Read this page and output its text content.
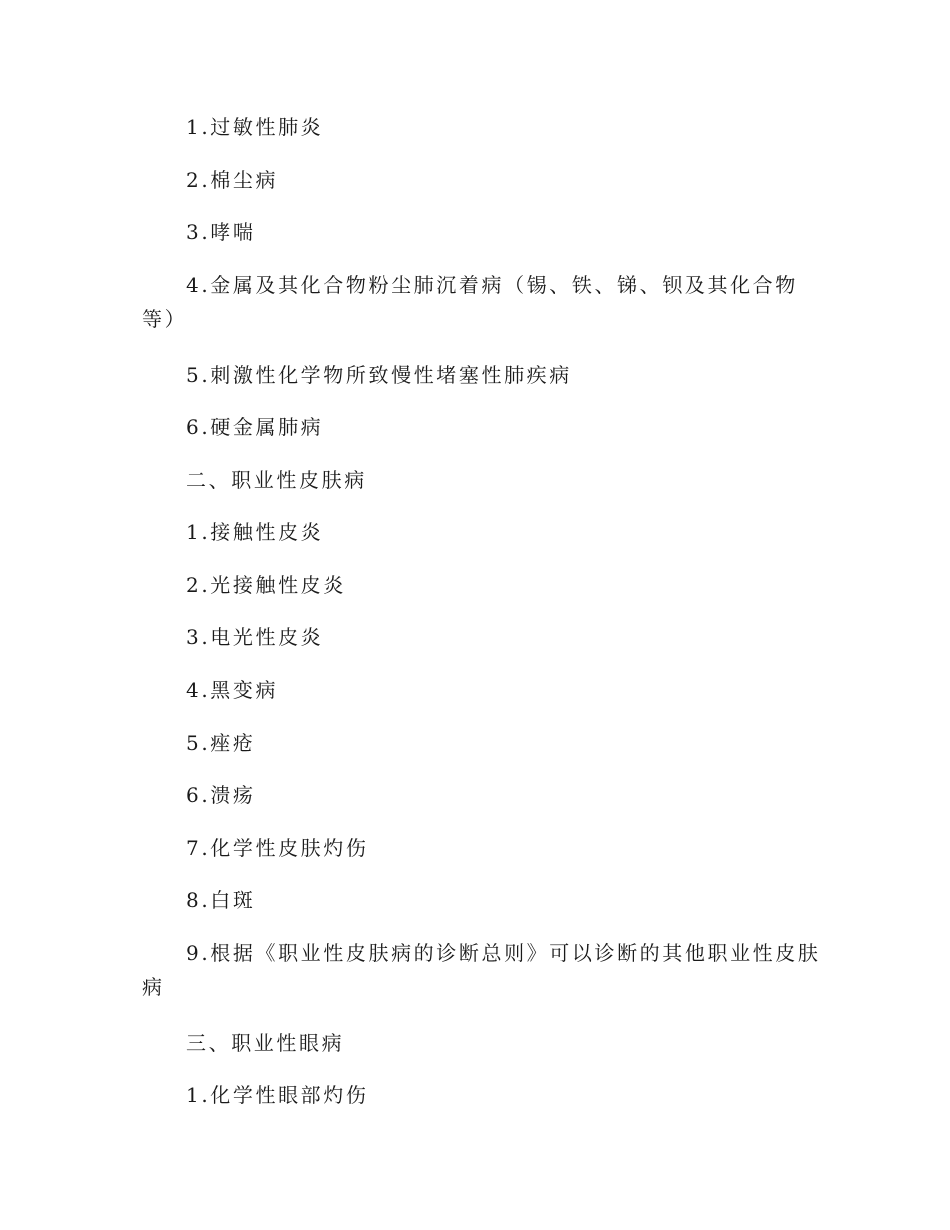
1.过敏性肺炎
2.棉尘病
3.哮喘
4.金属及其化合物粉尘肺沉着病（锡、铁、锑、钡及其化合物等）
5.刺激性化学物所致慢性堵塞性肺疾病
6.硬金属肺病
二、职业性皮肤病
1.接触性皮炎
2.光接触性皮炎
3.电光性皮炎
4.黑变病
5.痤疮
6.溃疡
7.化学性皮肤灼伤
8.白斑
9.根据《职业性皮肤病的诊断总则》可以诊断的其他职业性皮肤病
三、职业性眼病
1.化学性眼部灼伤
